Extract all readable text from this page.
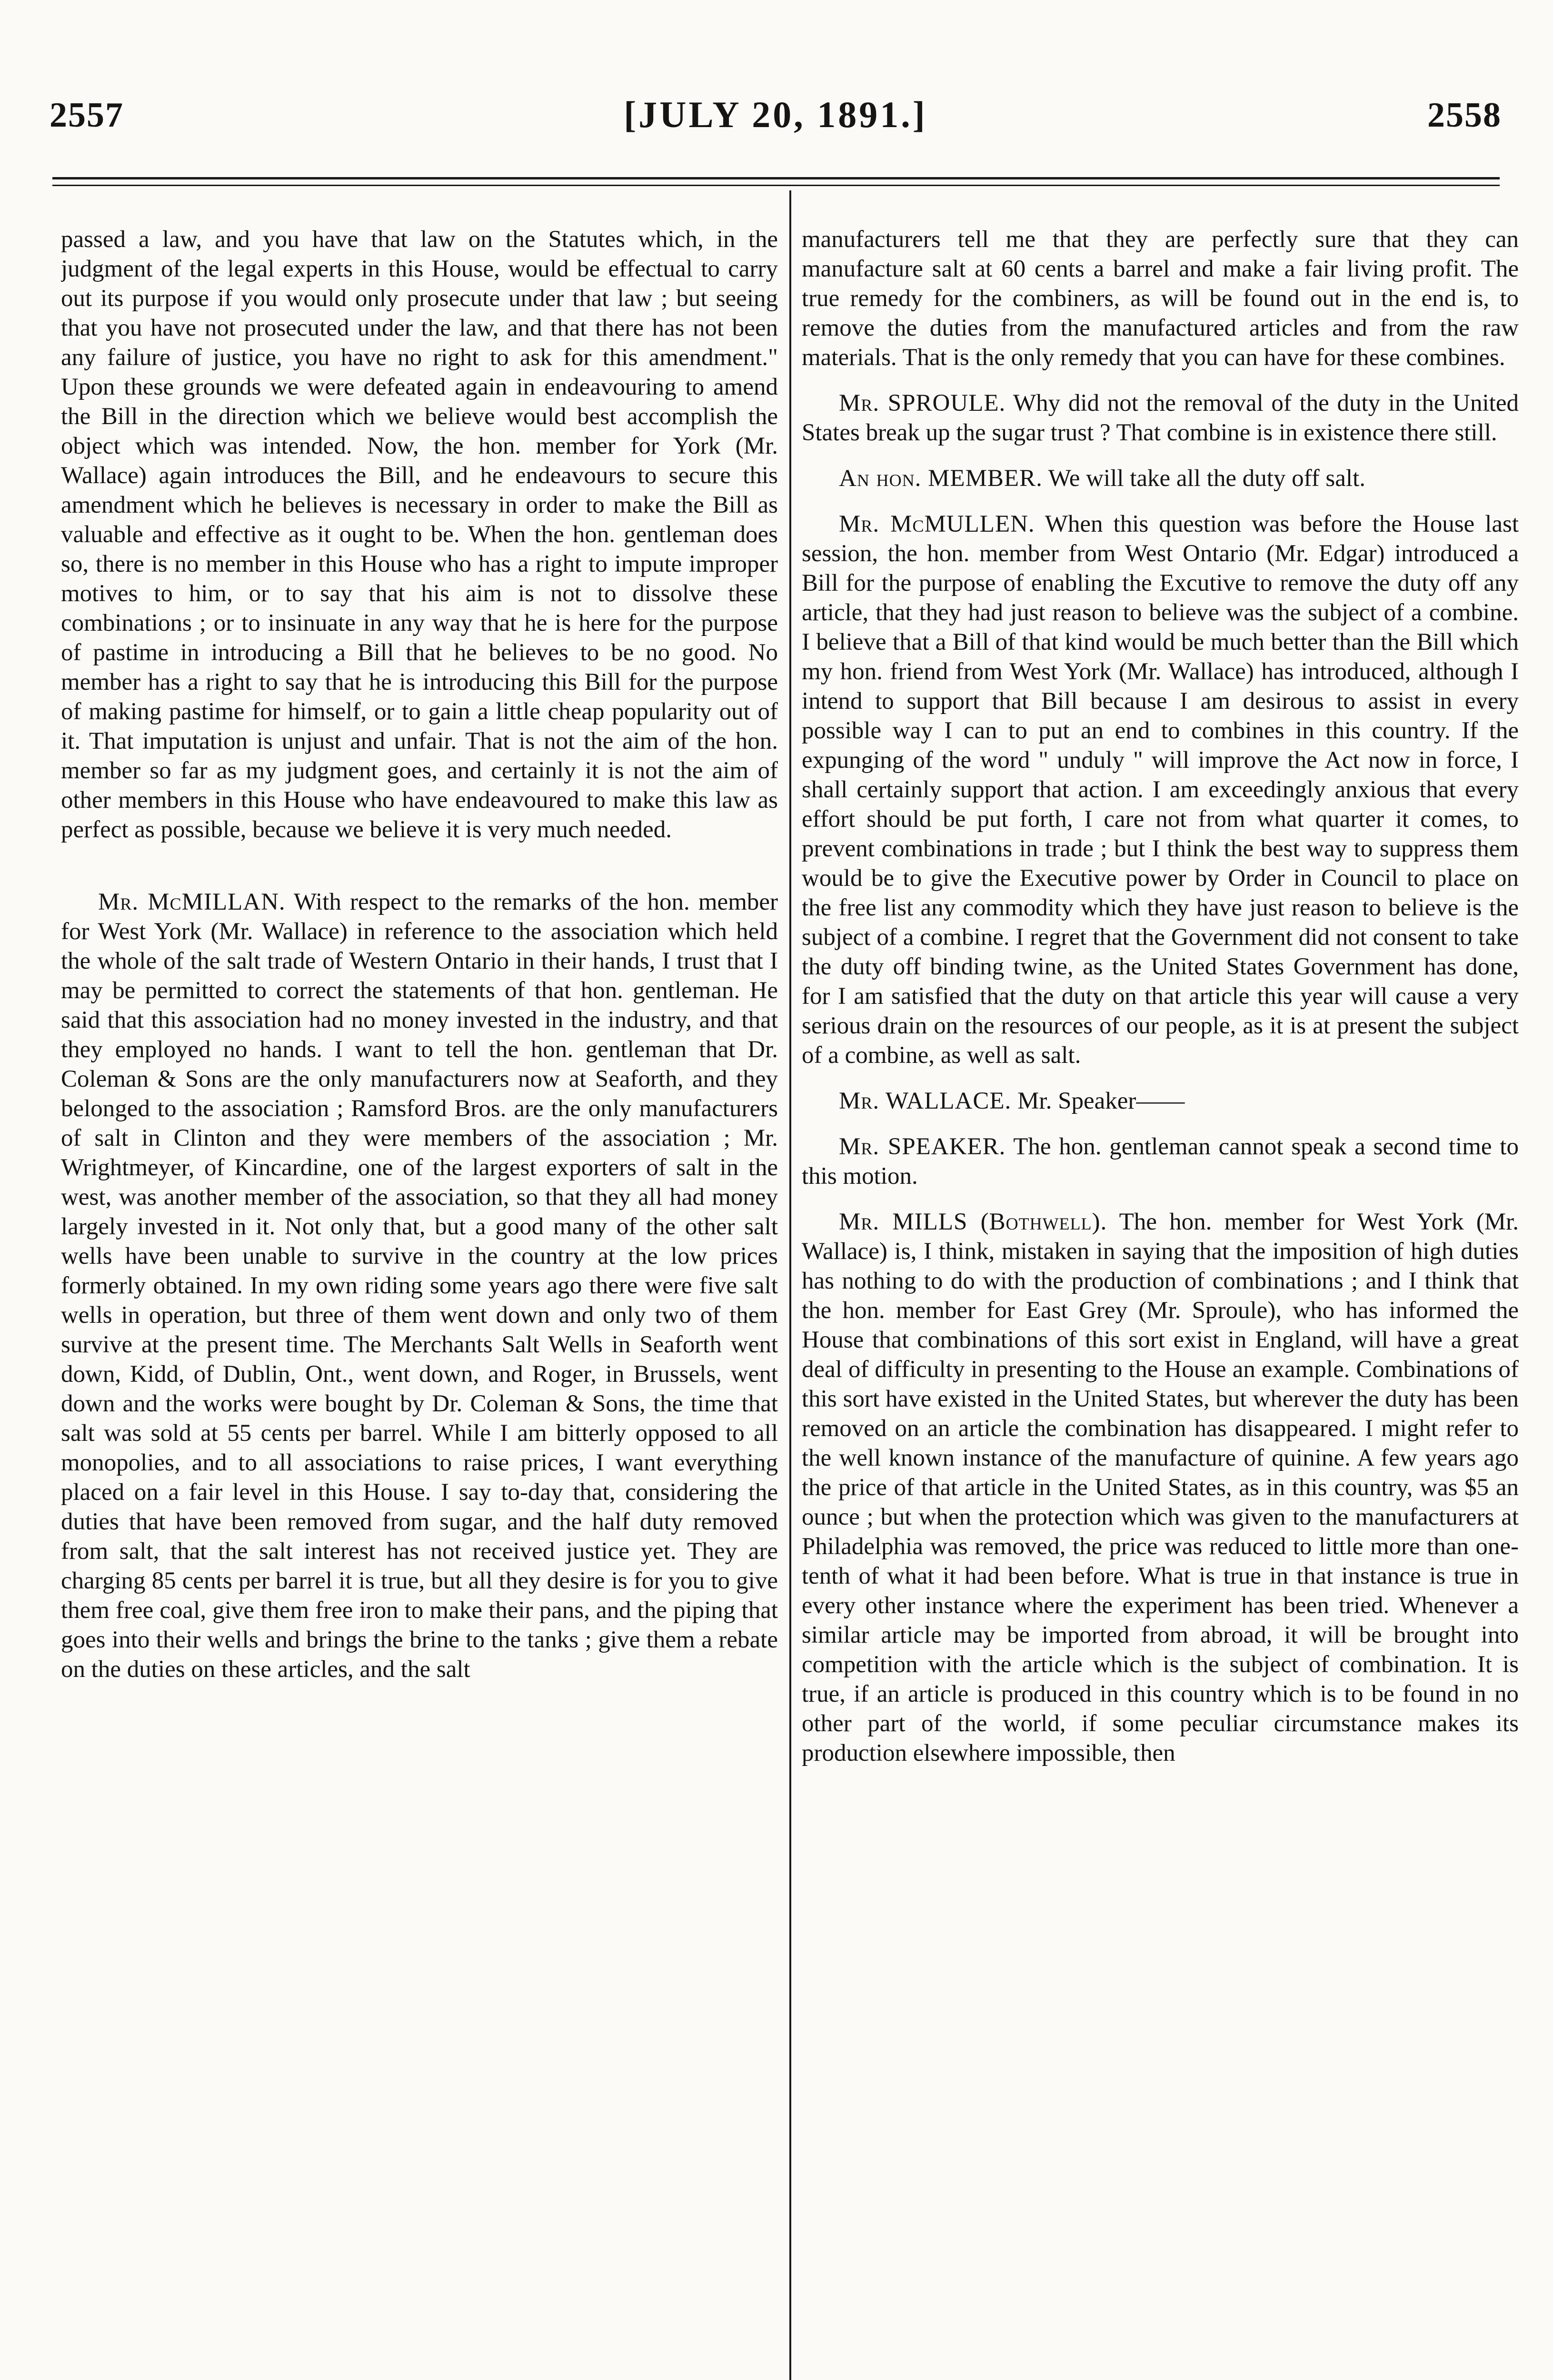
2557	[JULY 20, 1891.]	2558

passed a law, and you have that law on the Statutes which, in the judgment of the legal experts in this House, would be effectual to carry out its purpose if you would only prosecute under that law ; but seeing that you have not prosecuted under the law, and that there has not been any failure of justice, you have no right to ask for this amendment." Upon these grounds we were defeated again in endeavouring to amend the Bill in the direction which we believe would best accomplish the object which was intended. Now, the hon. member for York (Mr. Wallace) again introduces the Bill, and he endeavours to secure this amendment which he believes is necessary in order to make the Bill as valuable and effective as it ought to be. When the hon. gentleman does so, there is no member in this House who has a right to impute improper motives to him, or to say that his aim is not to dissolve these combinations ; or to insinuate in any way that he is here for the purpose of pastime in introducing a Bill that he believes to be no good. No member has a right to say that he is introducing this Bill for the purpose of making pastime for himself, or to gain a little cheap popularity out of it. That imputation is unjust and unfair. That is not the aim of the hon. member so far as my judgment goes, and certainly it is not the aim of other members in this House who have endeavoured to make this law as perfect as possible, because we believe it is very much needed.

Mr. McMILLAN. With respect to the remarks of the hon. member for West York (Mr. Wallace) in reference to the association which held the whole of the salt trade of Western Ontario in their hands, I trust that I may be permitted to correct the statements of that hon. gentleman. He said that this association had no money invested in the industry, and that they employed no hands. I want to tell the hon. gentleman that Dr. Coleman & Sons are the only manufacturers now at Seaforth, and they belonged to the association ; Ramsford Bros. are the only manufacturers of salt in Clinton and they were members of the association ; Mr. Wrightmeyer, of Kincardine, one of the largest exporters of salt in the west, was another member of the association, so that they all had money largely invested in it. Not only that, but a good many of the other salt wells have been unable to survive in the country at the low prices formerly obtained. In my own riding some years ago there were five salt wells in operation, but three of them went down and only two of them survive at the present time. The Merchants Salt Wells in Seaforth went down, Kidd, of Dublin, Ont., went down, and Roger, in Brussels, went down and the works were bought by Dr. Coleman & Sons, the time that salt was sold at 55 cents per barrel. While I am bitterly opposed to all monopolies, and to all associations to raise prices, I want everything placed on a fair level in this House. I say to-day that, considering the duties that have been removed from sugar, and the half duty removed from salt, that the salt interest has not received justice yet. They are charging 85 cents per barrel it is true, but all they desire is for you to give them free coal, give them free iron to make their pans, and the piping that goes into their wells and brings the brine to the tanks ; give them a rebate on the duties on these articles, and the salt

manufacturers tell me that they are perfectly sure that they can manufacture salt at 60 cents a barrel and make a fair living profit. The true remedy for the combiners, as will be found out in the end is, to remove the duties from the manufactured articles and from the raw materials. That is the only remedy that you can have for these combines.

Mr. SPROULE. Why did not the removal of the duty in the United States break up the sugar trust ? That combine is in existence there still.

An hon. MEMBER. We will take all the duty off salt.

Mr. McMULLEN. When this question was before the House last session, the hon. member from West Ontario (Mr. Edgar) introduced a Bill for the purpose of enabling the Excutive to remove the duty off any article, that they had just reason to believe was the subject of a combine. I believe that a Bill of that kind would be much better than the Bill which my hon. friend from West York (Mr. Wallace) has introduced, although I intend to support that Bill because I am desirous to assist in every possible way I can to put an end to combines in this country. If the expunging of the word " unduly " will improve the Act now in force, I shall certainly support that action. I am exceedingly anxious that every effort should be put forth, I care not from what quarter it comes, to prevent combinations in trade ; but I think the best way to suppress them would be to give the Executive power by Order in Council to place on the free list any commodity which they have just reason to believe is the subject of a combine. I regret that the Government did not consent to take the duty off binding twine, as the United States Government has done, for I am satisfied that the duty on that article this year will cause a very serious drain on the resources of our people, as it is at present the subject of a combine, as well as salt.

Mr. WALLACE. Mr. Speaker——

Mr. SPEAKER. The hon. gentleman cannot speak a second time to this motion.

Mr. MILLS (Bothwell). The hon. member for West York (Mr. Wallace) is, I think, mistaken in saying that the imposition of high duties has nothing to do with the production of combinations ; and I think that the hon. member for East Grey (Mr. Sproule), who has informed the House that combinations of this sort exist in England, will have a great deal of difficulty in presenting to the House an example. Combinations of this sort have existed in the United States, but wherever the duty has been removed on an article the combination has disappeared. I might refer to the well known instance of the manufacture of quinine. A few years ago the price of that article in the United States, as in this country, was $5 an ounce ; but when the protection which was given to the manufacturers at Philadelphia was removed, the price was reduced to little more than one-tenth of what it had been before. What is true in that instance is true in every other instance where the experiment has been tried. Whenever a similar article may be imported from abroad, it will be brought into competition with the article which is the subject of combination. It is true, if an article is produced in this country which is to be found in no other part of the world, if some peculiar circumstance makes its production elsewhere impossible, then
